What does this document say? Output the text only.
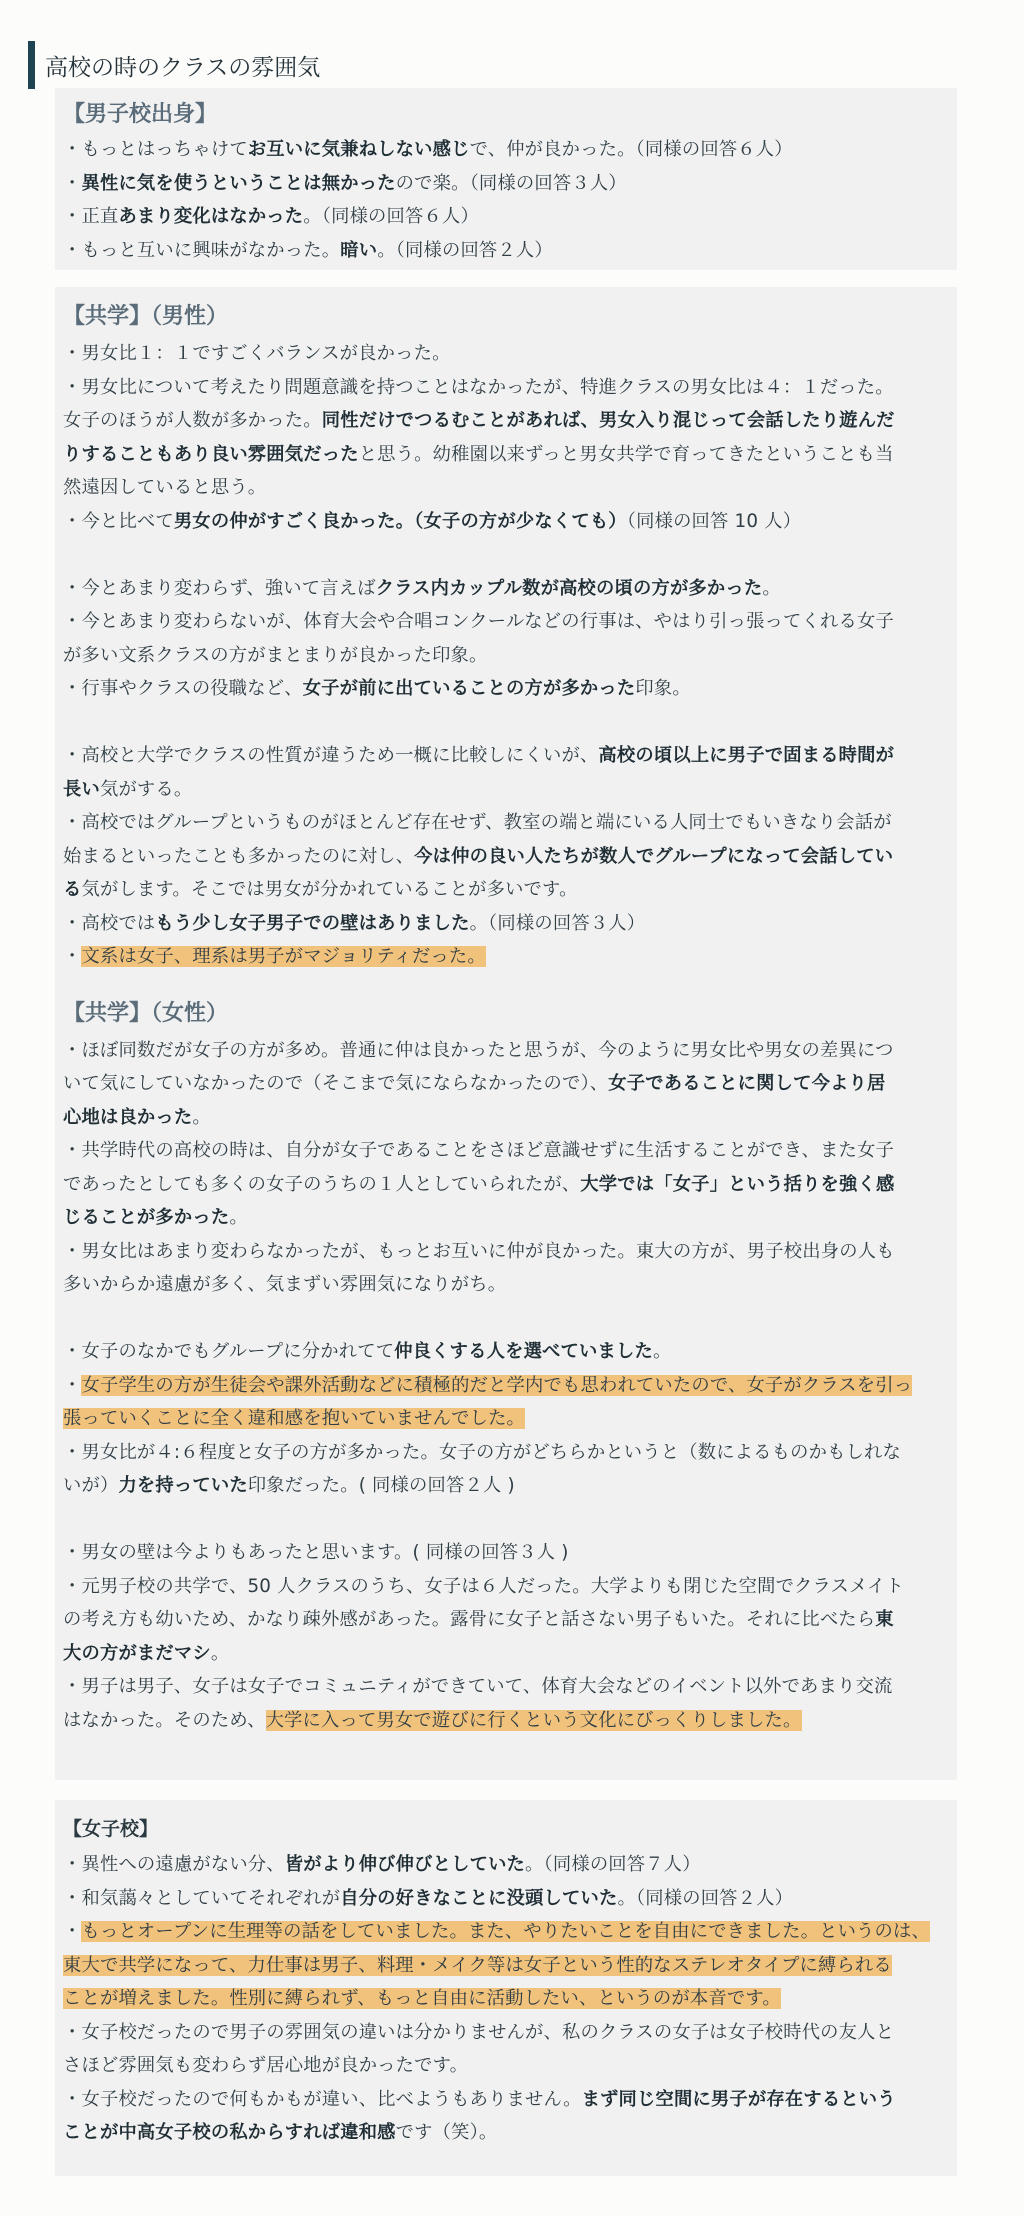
高校の時のクラスの雰囲気
【男子校出身】
・もっとはっちゃけてお互いに気兼ねしない感じで、仲が良かった。（同様の回答６人）
・異性に気を使うということは無かったので楽。（同様の回答３人）
・正直あまり変化はなかった。（同様の回答６人）
・もっと互いに興味がなかった。暗い。（同様の回答２人）
【共学】（男性）
・男女比１：１ですごくバランスが良かった。
・男女比について考えたり問題意識を持つことはなかったが、特進クラスの男女比は４：１だった。
女子のほうが人数が多かった。同性だけでつるむことがあれば、男女入り混じって会話したり遊んだ
りすることもあり良い雰囲気だったと思う。幼稚園以来ずっと男女共学で育ってきたということも当
然遠因していると思う。
・今と比べて男女の仲がすごく良かった。（女子の方が少なくても）（同様の回答 10 人）
・今とあまり変わらず、強いて言えばクラス内カップル数が高校の頃の方が多かった。
・今とあまり変わらないが、体育大会や合唱コンクールなどの行事は、やはり引っ張ってくれる女子
が多い文系クラスの方がまとまりが良かった印象。
・行事やクラスの役職など、女子が前に出ていることの方が多かった印象。
・高校と大学でクラスの性質が違うため一概に比較しにくいが、高校の頃以上に男子で固まる時間が
長い気がする。
・高校ではグループというものがほとんど存在せず、教室の端と端にいる人同士でもいきなり会話が
始まるといったことも多かったのに対し、今は仲の良い人たちが数人でグループになって会話してい
る気がします。そこでは男女が分かれていることが多いです。
・高校ではもう少し女子男子での壁はありました。（同様の回答３人）
・文系は女子、理系は男子がマジョリティだった。
【共学】（女性）
・ほぼ同数だが女子の方が多め。普通に仲は良かったと思うが、今のように男女比や男女の差異につ
いて気にしていなかったので（そこまで気にならなかったので）、女子であることに関して今より居
心地は良かった。
・共学時代の高校の時は、自分が女子であることをさほど意識せずに生活することができ、また女子
であったとしても多くの女子のうちの１人としていられたが、大学では「女子」という括りを強く感
じることが多かった。
・男女比はあまり変わらなかったが、もっとお互いに仲が良かった。東大の方が、男子校出身の人も
多いからか遠慮が多く、気まずい雰囲気になりがち。
・女子のなかでもグループに分かれてて仲良くする人を選べていました。
・女子学生の方が生徒会や課外活動などに積極的だと学内でも思われていたので、女子がクラスを引っ
張っていくことに全く違和感を抱いていませんでした。
・男女比が４:６程度と女子の方が多かった。女子の方がどちらかというと（数によるものかもしれな
いが）力を持っていた印象だった。( 同様の回答２人 )
・男女の壁は今よりもあったと思います。( 同様の回答３人 )
・元男子校の共学で、50 人クラスのうち、女子は６人だった。大学よりも閉じた空間でクラスメイト
の考え方も幼いため、かなり疎外感があった。露骨に女子と話さない男子もいた。それに比べたら東
大の方がまだマシ。
・男子は男子、女子は女子でコミュニティができていて、体育大会などのイベント以外であまり交流
はなかった。そのため、大学に入って男女で遊びに行くという文化にびっくりしました。
【女子校】
・異性への遠慮がない分、皆がより伸び伸びとしていた。（同様の回答７人）
・和気藹々としていてそれぞれが自分の好きなことに没頭していた。（同様の回答２人）
・もっとオープンに生理等の話をしていました。また、やりたいことを自由にできました。というのは、
東大で共学になって、力仕事は男子、料理・メイク等は女子という性的なステレオタイプに縛られる
ことが増えました。性別に縛られず、もっと自由に活動したい、というのが本音です。
・女子校だったので男子の雰囲気の違いは分かりませんが、私のクラスの女子は女子校時代の友人と
さほど雰囲気も変わらず居心地が良かったです。
・女子校だったので何もかもが違い、比べようもありません。まず同じ空間に男子が存在するという
ことが中高女子校の私からすれば違和感です（笑）。
